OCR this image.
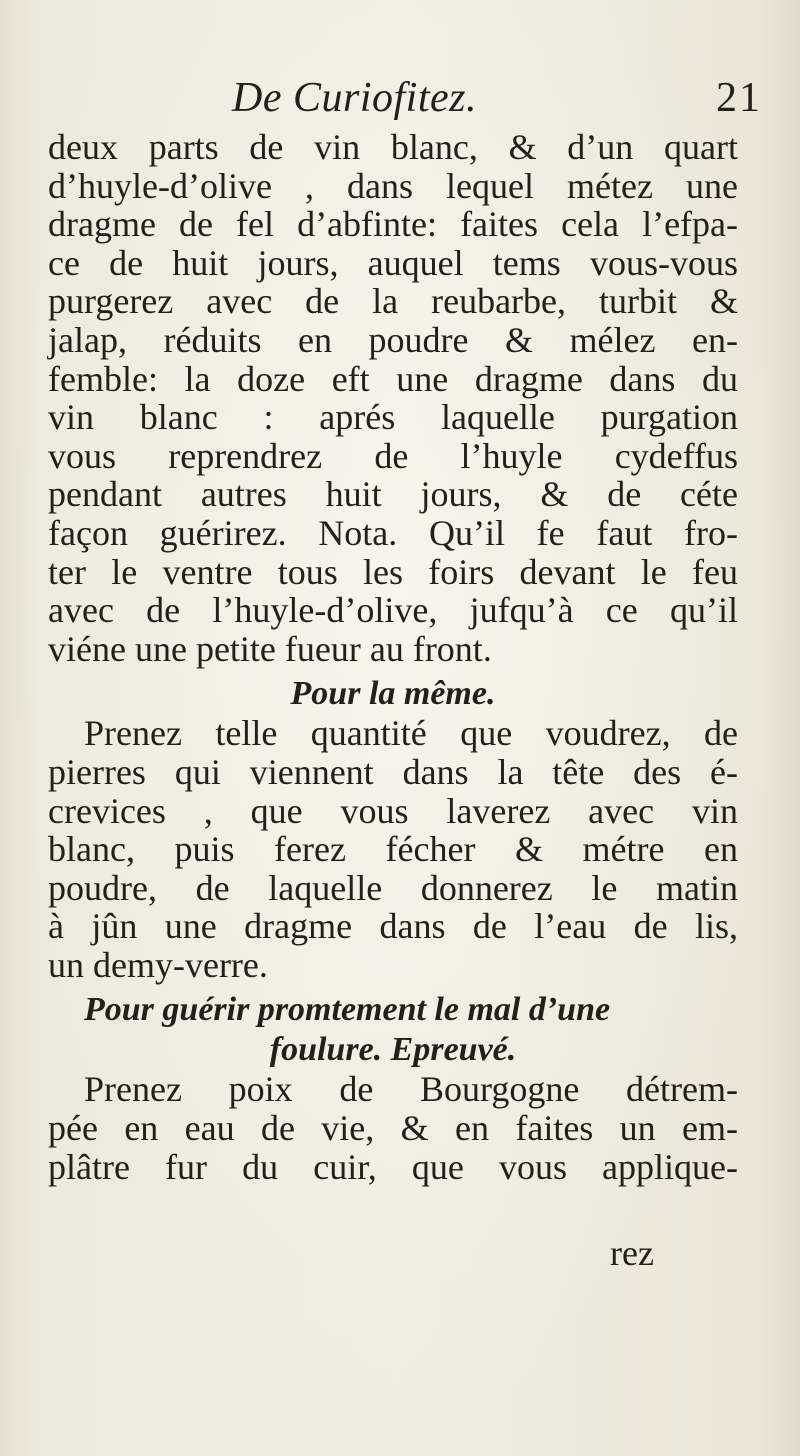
De Curiofitez.	21
deux parts de vin blanc, & d’un quart
d’huyle-d’olive , dans lequel métez une
dragme de fel d’abfinte: faites cela l’efpa-
ce de huit jours, auquel tems vous-vous
purgerez avec de la reubarbe, turbit &
jalap, réduits en poudre & mélez en-
femble: la doze eft une dragme dans du
vin blanc : aprés laquelle purgation
vous reprendrez de l’huyle cydeffus
pendant autres huit jours, & de céte
façon guérirez. Nota. Qu’il fe faut fro-
ter le ventre tous les foirs devant le feu
avec de l’huyle-d’olive, jufqu’à ce qu’il
viéne une petite fueur au front.
Pour la même.
Prenez telle quantité que voudrez, de
pierres qui viennent dans la tête des é-
crevices , que vous laverez avec vin
blanc, puis ferez fécher & métre en
poudre, de laquelle donnerez le matin
à jûn une dragme dans de l’eau de lis,
un demy-verre.
Pour guérir promtement le mal d’une
foulure. Epreuvé.
Prenez poix de Bourgogne détrem-
pée en eau de vie, & en faites un em-
plâtre fur du cuir, que vous applique-
rez
